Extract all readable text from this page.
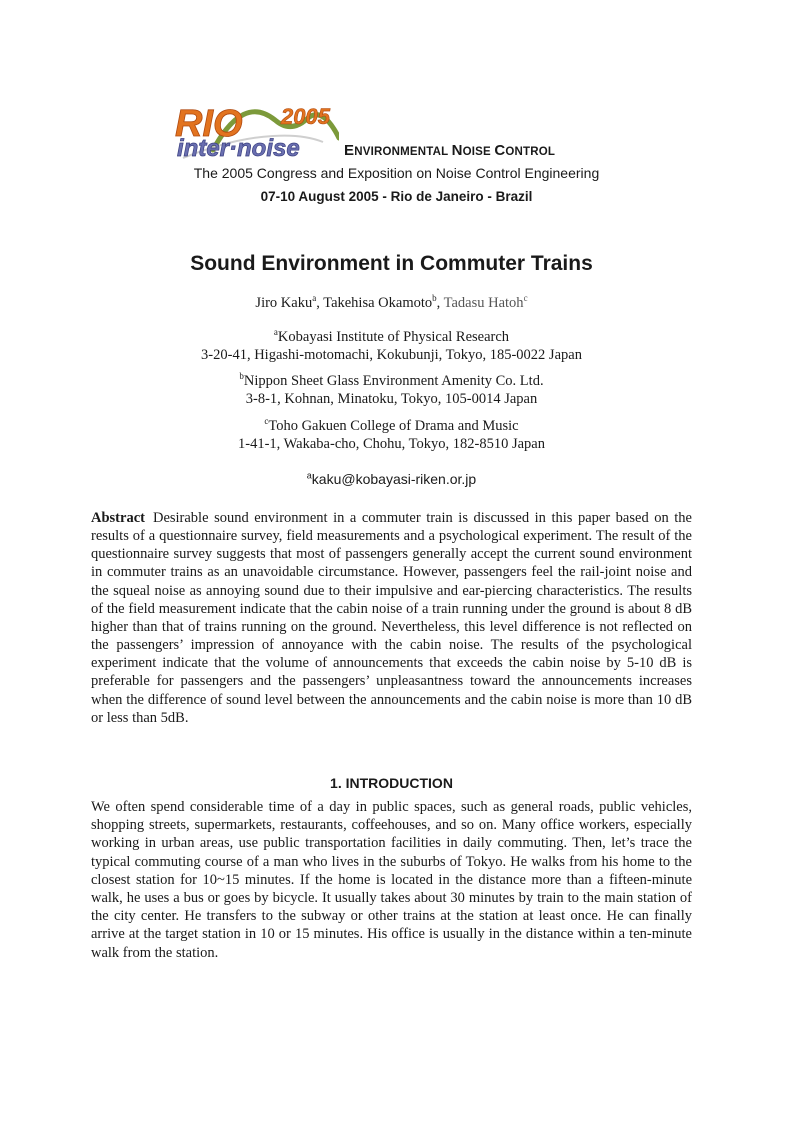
RIO 2005
inter·noise	ENVIRONMENTAL NOISE CONTROL
The 2005 Congress and Exposition on Noise Control Engineering
07-10 August 2005 - Rio de Janeiro - Brazil
Sound Environment in Commuter Trains
Jiro Kaku$^a$, Takehisa Okamoto$^b$, Tadasu Hatoh$^c$
$^a$Kobayasi Institute of Physical Research
3-20-41, Higashi-motomachi, Kokubunji, Tokyo, 185-0022 Japan
$^b$Nippon Sheet Glass Environment Amenity Co. Ltd.
3-8-1, Kohnan, Minatoku, Tokyo, 105-0014 Japan
$^c$Toho Gakuen College of Drama and Music
1-41-1, Wakaba-cho, Chohu, Tokyo, 182-8510 Japan
$^a$kaku@kobayasi-riken.or.jp
Abstract Desirable sound environment in a commuter train is discussed in this paper based on the results of a questionnaire survey, field measurements and a psychological experiment. The result of the questionnaire survey suggests that most of passengers generally accept the current sound environment in commuter trains as an unavoidable circumstance. However, passengers feel the rail-joint noise and the squeal noise as annoying sound due to their impulsive and ear-piercing characteristics. The results of the field measurement indicate that the cabin noise of a train running under the ground is about 8 dB higher than that of trains running on the ground. Nevertheless, this level difference is not reflected on the passengers’ impression of annoyance with the cabin noise. The results of the psychological experiment indicate that the volume of announcements that exceeds the cabin noise by 5-10 dB is preferable for passengers and the passengers’ unpleasantness toward the announcements increases when the difference of sound level between the announcements and the cabin noise is more than 10 dB or less than 5dB.
1. INTRODUCTION
We often spend considerable time of a day in public spaces, such as general roads, public vehicles, shopping streets, supermarkets, restaurants, coffeehouses, and so on. Many office workers, especially working in urban areas, use public transportation facilities in daily commuting. Then, let’s trace the typical commuting course of a man who lives in the suburbs of Tokyo. He walks from his home to the closest station for 10~15 minutes. If the home is located in the distance more than a fifteen-minute walk, he uses a bus or goes by bicycle. It usually takes about 30 minutes by train to the main station of the city center. He transfers to the subway or other trains at the station at least once. He can finally arrive at the target station in 10 or 15 minutes. His office is usually in the distance within a ten-minute walk from the station.
